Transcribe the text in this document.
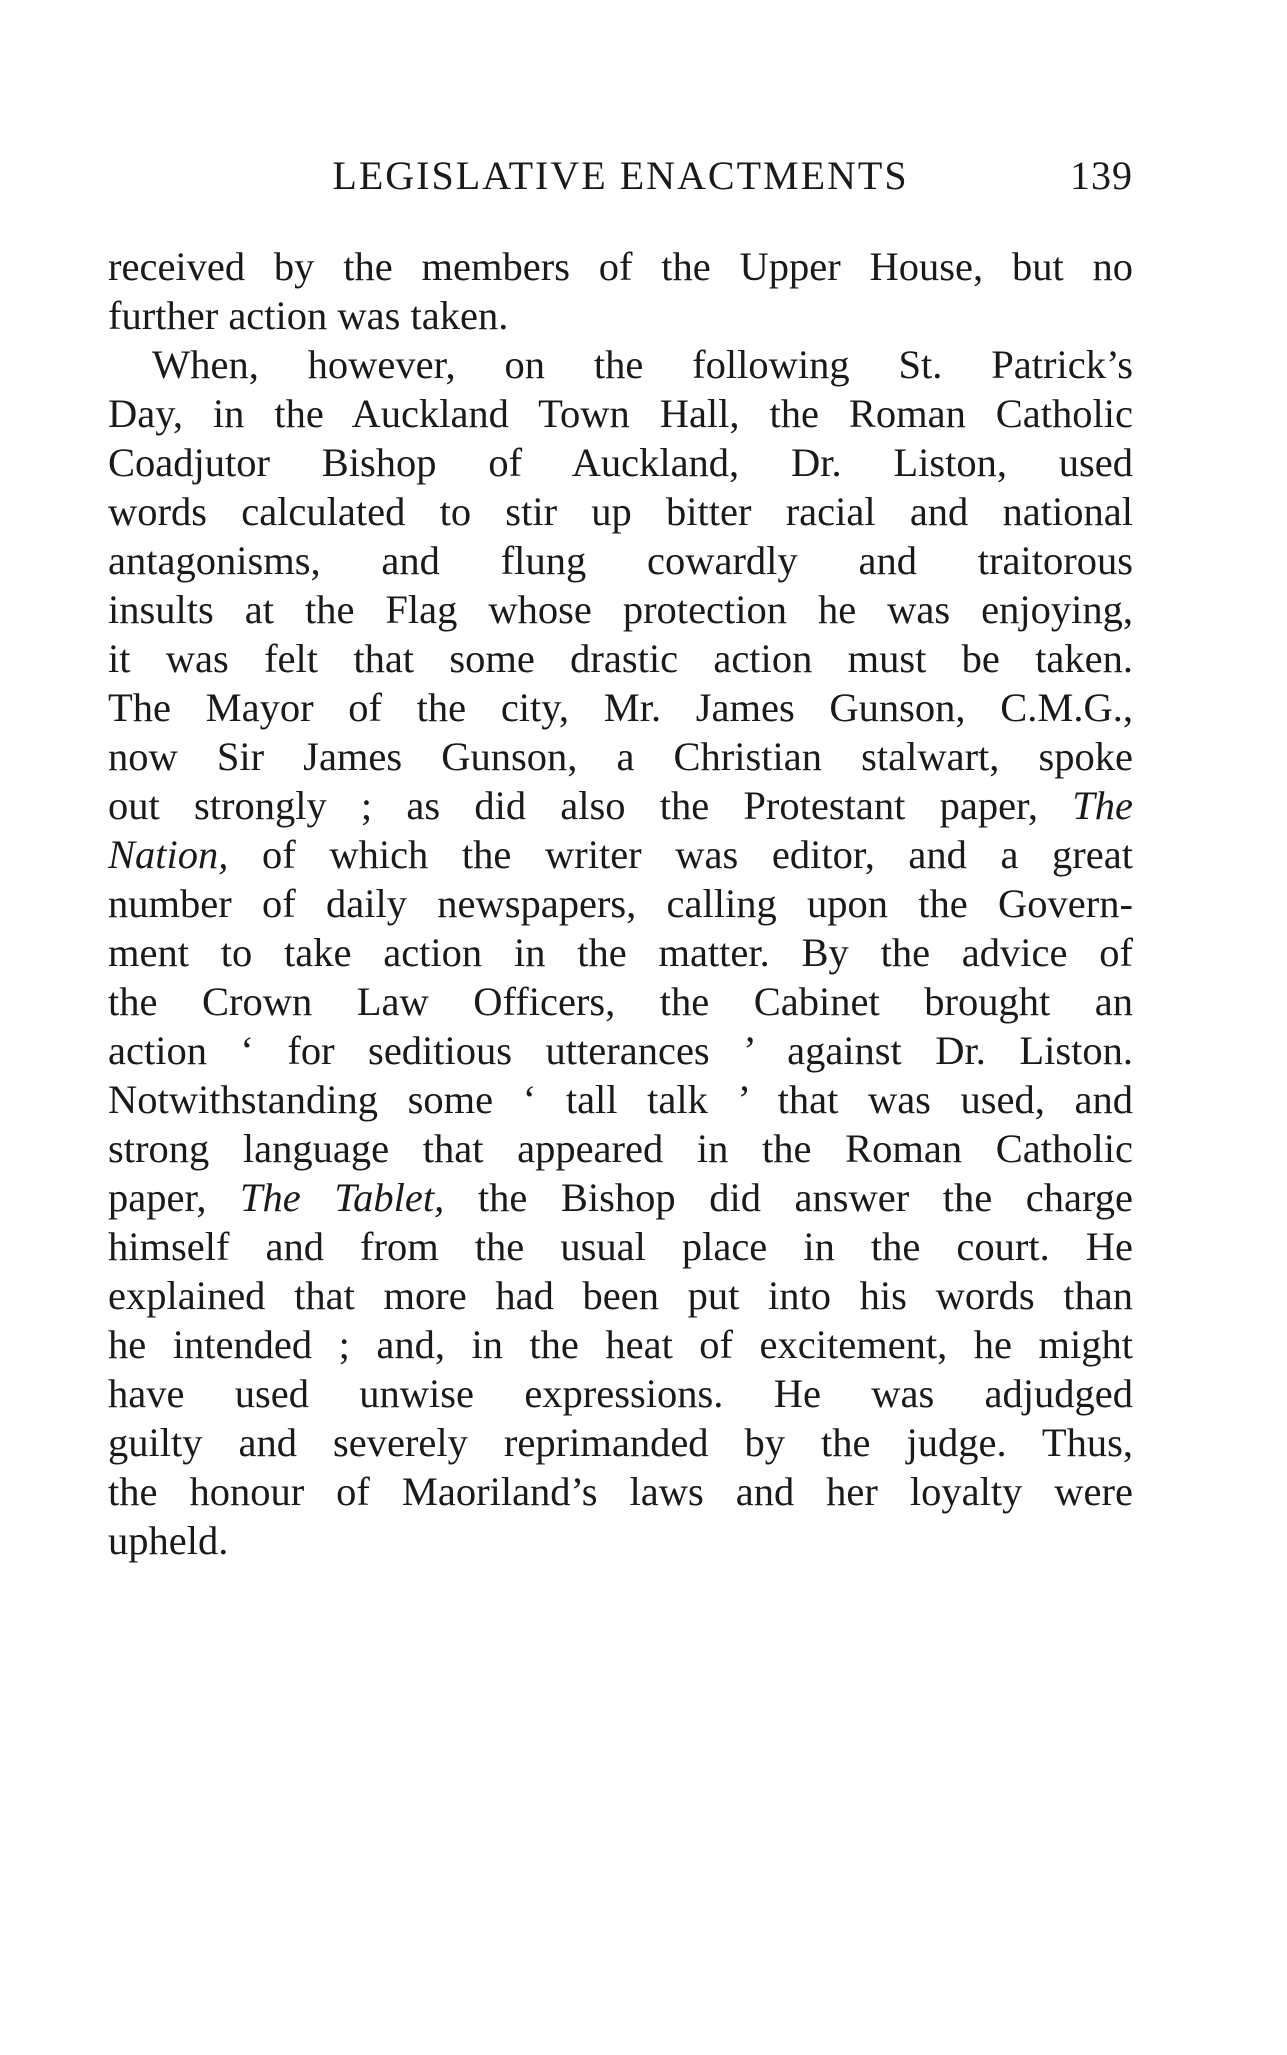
LEGISLATIVE ENACTMENTS	139
received by the members of the Upper House, but no
further action was taken.
When, however, on the following St. Patrick’s
Day, in the Auckland Town Hall, the Roman Catholic
Coadjutor Bishop of Auckland, Dr. Liston, used
words calculated to stir up bitter racial and national
antagonisms, and flung cowardly and traitorous
insults at the Flag whose protection he was enjoying,
it was felt that some drastic action must be taken.
The Mayor of the city, Mr. James Gunson, C.M.G.,
now Sir James Gunson, a Christian stalwart, spoke
out strongly ; as did also the Protestant paper, The
Nation, of which the writer was editor, and a great
number of daily newspapers, calling upon the Govern-
ment to take action in the matter. By the advice of
the Crown Law Officers, the Cabinet brought an
action ‘ for seditious utterances ’ against Dr. Liston.
Notwithstanding some ‘ tall talk ’ that was used, and
strong language that appeared in the Roman Catholic
paper, The Tablet, the Bishop did answer the charge
himself and from the usual place in the court. He
explained that more had been put into his words than
he intended ; and, in the heat of excitement, he might
have used unwise expressions. He was adjudged
guilty and severely reprimanded by the judge. Thus,
the honour of Maoriland’s laws and her loyalty were
upheld.
